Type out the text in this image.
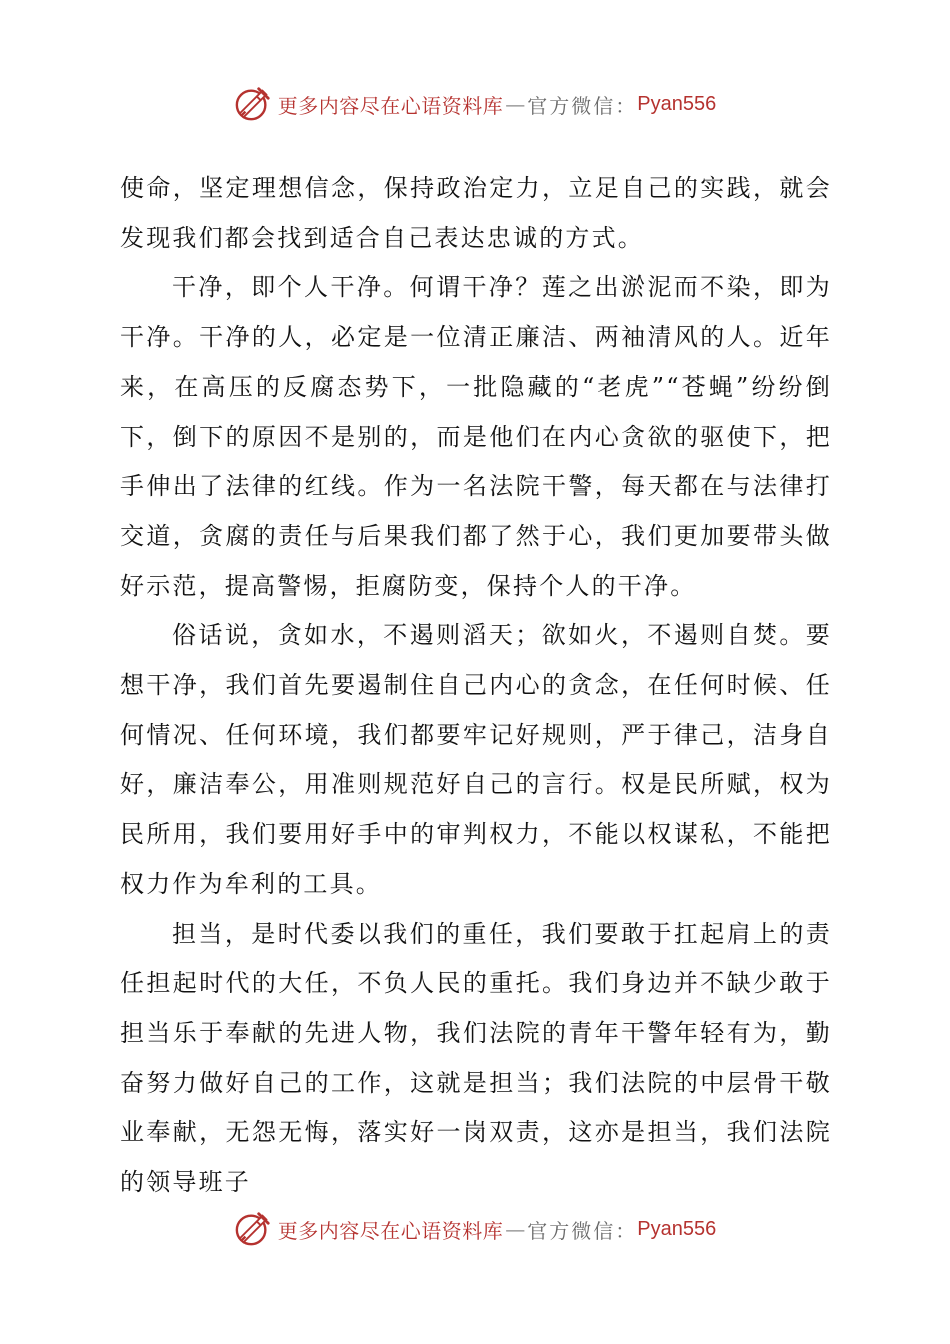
更多内容尽在心语资料库 — 官方微信： Pyan556

使命，坚定理想信念，保持政治定力，立足自己的实践，就会发现我们都会找到适合自己表达忠诚的方式。

干净，即个人干净。何谓干净？莲之出淤泥而不染，即为干净。干净的人，必定是一位清正廉洁、两袖清风的人。近年来，在高压的反腐态势下，一批隐藏的“老虎”“苍蝇”纷纷倒下，倒下的原因不是别的，而是他们在内心贪欲的驱使下，把手伸出了法律的红线。作为一名法院干警，每天都在与法律打交道，贪腐的责任与后果我们都了然于心，我们更加要带头做好示范，提高警惕，拒腐防变，保持个人的干净。

俗话说，贪如水，不遏则滔天；欲如火，不遏则自焚。要想干净，我们首先要遏制住自己内心的贪念，在任何时候、任何情况、任何环境，我们都要牢记好规则，严于律己，洁身自好，廉洁奉公，用准则规范好自己的言行。权是民所赋，权为民所用，我们要用好手中的审判权力，不能以权谋私，不能把权力作为牟利的工具。

担当，是时代委以我们的重任，我们要敢于扛起肩上的责任担起时代的大任，不负人民的重托。我们身边并不缺少敢于担当乐于奉献的先进人物，我们法院的青年干警年轻有为，勤奋努力做好自己的工作，这就是担当；我们法院的中层骨干敬业奉献，无怨无悔，落实好一岗双责，这亦是担当，我们法院的领导班子

更多内容尽在心语资料库 — 官方微信： Pyan556
